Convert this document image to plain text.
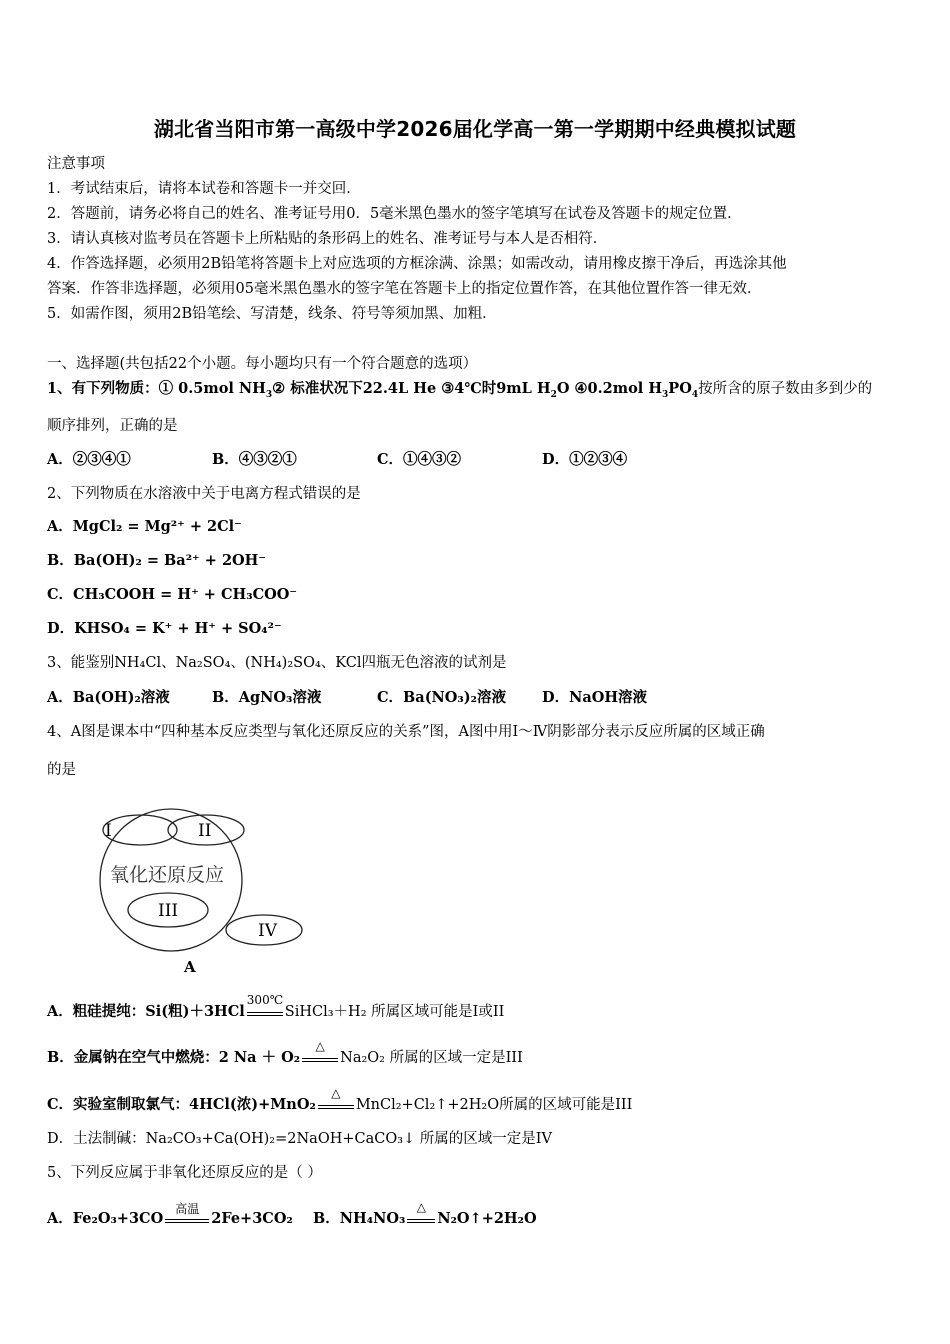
湖北省当阳市第一高级中学2026届化学高一第一学期期中经典模拟试题
注意事项
1．考试结束后，请将本试卷和答题卡一并交回．
2．答题前，请务必将自己的姓名、准考证号用0．5毫米黑色墨水的签字笔填写在试卷及答题卡的规定位置．
3．请认真核对监考员在答题卡上所粘贴的条形码上的姓名、准考证号与本人是否相符．
4．作答选择题，必须用2B铅笔将答题卡上对应选项的方框涂满、涂黑；如需改动，请用橡皮擦干净后，再选涂其他
答案．作答非选择题，必须用05毫米黑色墨水的签字笔在答题卡上的指定位置作答，在其他位置作答一律无效．
5．如需作图，须用2B铅笔绘、写清楚，线条、符号等须加黑、加粗．
一、选择题(共包括22个小题。每小题均只有一个符合题意的选项）
1、有下列物质：① 0.5mol $NH_3②$ 标准状况下22.4L He ③4℃时9mL $H_2O$ ④0.2mol $H_3PO_4$按所含的原子数由多到少的
顺序排列，正确的是
A．②③④①	B．④③②①	C．①④③②	D．①②③④
2、下列物质在水溶液中关于电离方程式错误的是
A．MgCl₂ = Mg²⁺ + 2Cl⁻
B．Ba(OH)₂ = Ba²⁺ + 2OH⁻
C．CH₃COOH = H⁺ + CH₃COO⁻
D．KHSO₄ = K⁺ + H⁺ + SO₄²⁻
3、能鉴别NH₄Cl、Na₂SO₄、(NH₄)₂SO₄、KCl四瓶无色溶液的试剂是
A．Ba(OH)₂溶液	B．AgNO₃溶液	C．Ba(NO₃)₂溶液 D．NaOH溶液
4、A图是课本中“四种基本反应类型与氧化还原反应的关系”图，A图中用Ⅰ～Ⅳ阴影部分表示反应所属的区域正确
的是
I	II
氧化还原反应
III
IV
A
A．粗硅提纯：Si(粗)＋3HCl
300℃
SiHCl₃＋H₂ 所属区域可能是I或II
B．金属钠在空气中燃烧：2 Na ＋ O₂
△
Na₂O₂ 所属的区域一定是III
C．实验室制取氯气：4HCl(浓)+MnO₂
△
MnCl₂+Cl₂↑+2H₂O所属的区域可能是III
D．土法制碱：Na₂CO₃+Ca(OH)₂=2NaOH+CaCO₃↓ 所属的区域一定是IV
5、下列反应属于非氧化还原反应的是（ ）
A．Fe₂O₃+3CO
高温
2Fe+3CO₂ B．NH₄NO₃
△
N₂O↑+2H₂O
